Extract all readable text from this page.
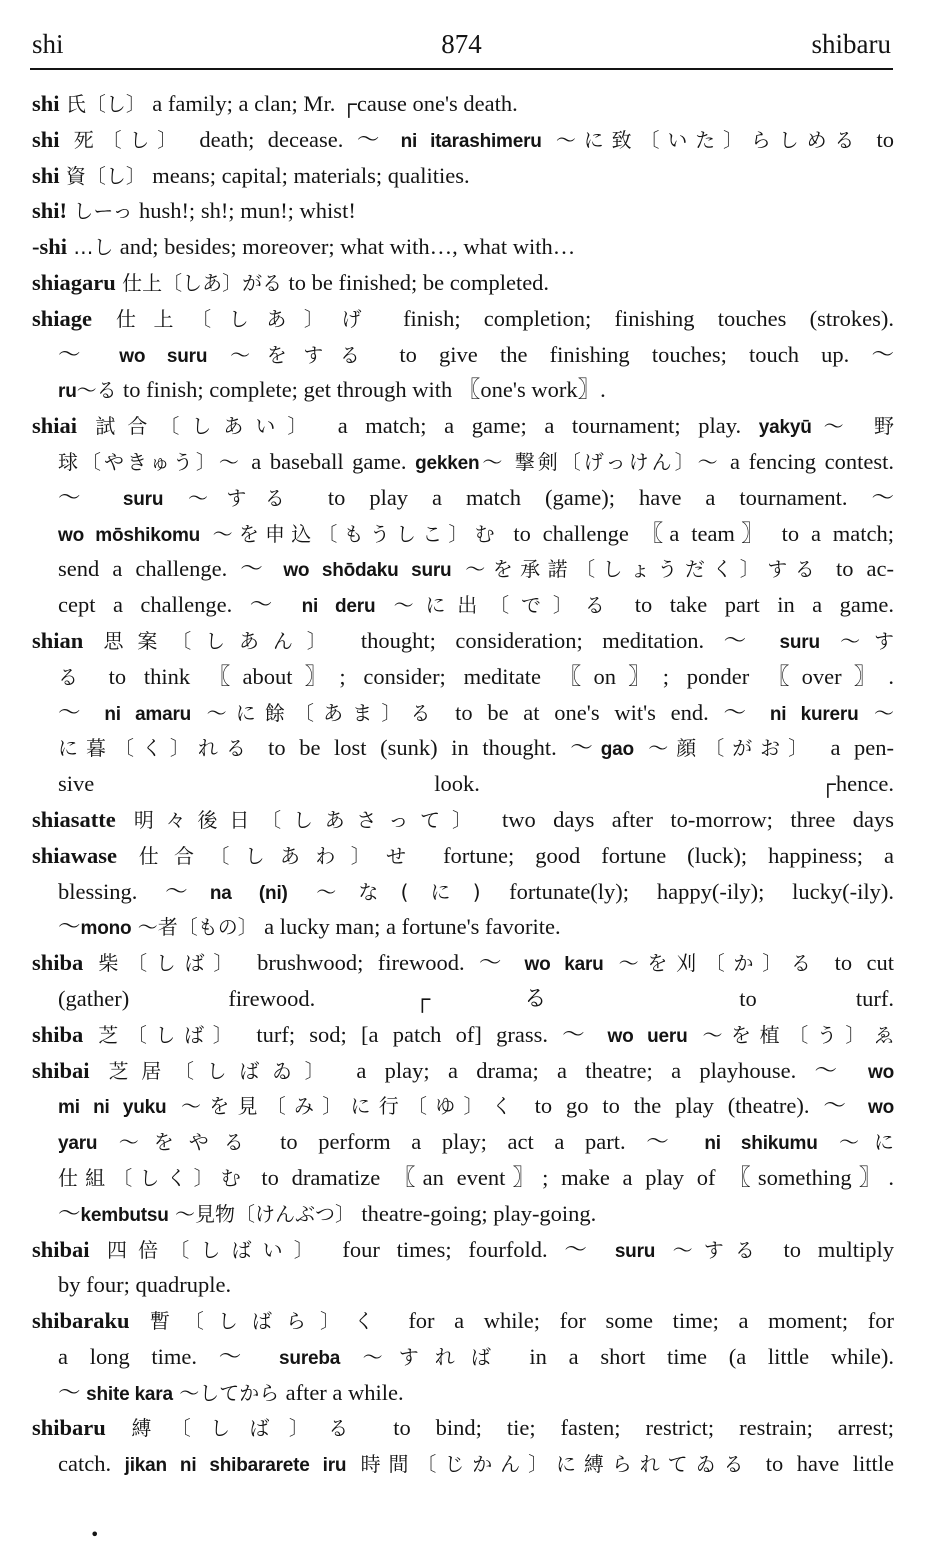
shi	874	shibaru
shi 氏〔し〕 a family; a clan; Mr. ┌cause one's death.
shi 死〔し〕 death; decease. ～ ni itarashimeru ～に致〔いた〕らしめる to
shi 資〔し〕 means; capital; materials; qualities.
shi! しーっ hush!; sh!; mun!; whist!
-shi …し and; besides; moreover; what with…, what with…
shiagaru 仕上〔しあ〕がる to be finished; be completed.
shiage 仕上〔しあ〕げ finish; completion; finishing touches (strokes).
～ wo suru ～をする to give the finishing touches; touch up. ～
ru～る to finish; complete; get through with 〖one's work〗.
shiai 試合〔しあい〕 a match; a game; a tournament; play. yakyū～ 野
球〔やきゅう〕～ a baseball game. gekken～ 撃剣〔げっけん〕～ a fencing contest.
～ suru ～する to play a match (game); have a tournament. ～
wo mōshikomu ～を申込〔もうしこ〕む to challenge 〖a team〗 to a match;
send a challenge. ～ wo shōdaku suru ～を承諾〔しょうだく〕する to ac-
cept a challenge. ～ ni deru ～に出〔で〕る to take part in a game.
shian 思案〔しあん〕 thought; consideration; meditation. ～ suru ～す
る to think 〖about〗; consider; meditate 〖on〗; ponder 〖over〗.
～ ni amaru ～に餘〔あま〕る to be at one's wit's end. ～ ni kureru ～
に暮〔く〕れる to be lost (sunk) in thought. ～gao ～顔〔がお〕 a pen-
sive look. ┌hence.
shiasatte 明々後日〔しあさって〕 two days after to-morrow; three days
shiawase 仕合〔しあわ〕せ fortune; good fortune (luck); happiness; a
blessing. ～na (ni) ～な(に) fortunate(ly); happy(-ily); lucky(-ily).
～mono ～者〔もの〕 a lucky man; a fortune's favorite.
shiba 柴〔しば〕 brushwood; firewood. ～ wo karu ～を刈〔か〕る to cut
(gather) firewood. ┌る to turf.
shiba 芝〔しば〕 turf; sod; [a patch of] grass. ～ wo ueru ～を植〔う〕ゑ
shibai 芝居〔しばゐ〕 a play; a drama; a theatre; a playhouse. ～ wo
mi ni yuku ～を見〔み〕に行〔ゆ〕く to go to the play (theatre). ～ wo
yaru ～をやる to perform a play; act a part. ～ ni shikumu ～に
仕組〔しく〕む to dramatize 〖an event〗; make a play of 〖something〗.
～kembutsu ～見物〔けんぶつ〕 theatre-going; play-going.
shibai 四倍〔しばい〕 four times; fourfold. ～ suru ～する to multiply
by four; quadruple.
shibaraku 暫〔しばら〕く for a while; for some time; a moment; for
a long time. ～ sureba ～すれば in a short time (a little while).
～ shite kara ～してから after a while.
shibaru 縛〔しば〕る to bind; tie; fasten; restrict; restrain; arrest;
catch. jikan ni shibararete iru 時間〔じかん〕に縛られてゐる to have little
•
